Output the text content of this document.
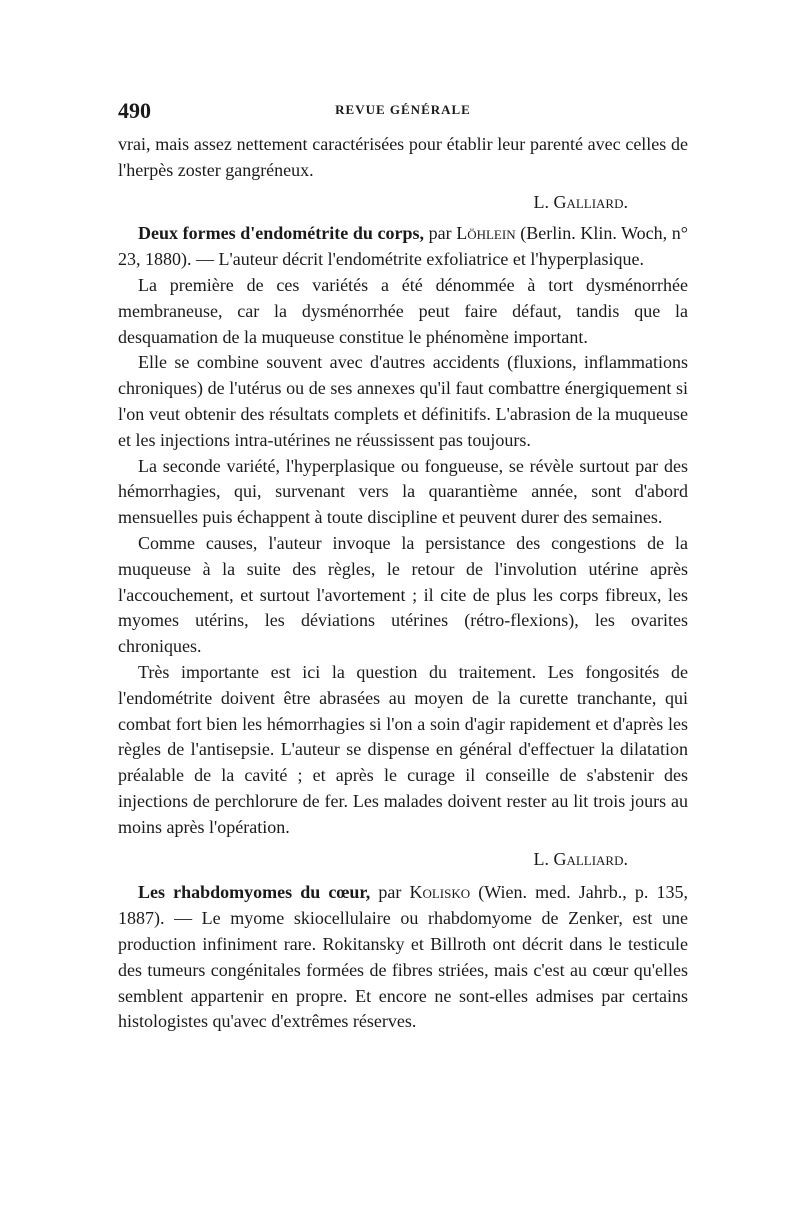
490	REVUE GÉNÉRALE

vrai, mais assez nettement caractérisées pour établir leur parenté avec celles de l'herpès zoster gangréneux.

L. Galliard.

Deux formes d'endométrite du corps, par Löhlein (Berlin. Klin. Woch, n° 23, 1880). — L'auteur décrit l'endométrite exfoliatrice et l'hyperplasique.

La première de ces variétés a été dénommée à tort dysménorrhée membraneuse, car la dysménorrhée peut faire défaut, tandis que la desquamation de la muqueuse constitue le phénomène important.

Elle se combine souvent avec d'autres accidents (fluxions, inflammations chroniques) de l'utérus ou de ses annexes qu'il faut combattre énergiquement si l'on veut obtenir des résultats complets et définitifs. L'abrasion de la muqueuse et les injections intra-utérines ne réussissent pas toujours.

La seconde variété, l'hyperplasique ou fongueuse, se révèle surtout par des hémorrhagies, qui, survenant vers la quarantième année, sont d'abord mensuelles puis échappent à toute discipline et peuvent durer des semaines.

Comme causes, l'auteur invoque la persistance des congestions de la muqueuse à la suite des règles, le retour de l'involution utérine après l'accouchement, et surtout l'avortement ; il cite de plus les corps fibreux, les myomes utérins, les déviations utérines (rétro-flexions), les ovarites chroniques.

Très importante est ici la question du traitement. Les fongosités de l'endométrite doivent être abrasées au moyen de la curette tranchante, qui combat fort bien les hémorrhagies si l'on a soin d'agir rapidement et d'après les règles de l'antisepsie. L'auteur se dispense en général d'effectuer la dilatation préalable de la cavité ; et après le curage il conseille de s'abstenir des injections de perchlorure de fer. Les malades doivent rester au lit trois jours au moins après l'opération.

L. Galliard.

Les rhabdomyomes du cœur, par Kolisko (Wien. med. Jahrb., p. 135, 1887). — Le myome skiocellulaire ou rhabdomyome de Zenker, est une production infiniment rare. Rokitansky et Billroth ont décrit dans le testicule des tumeurs congénitales formées de fibres striées, mais c'est au cœur qu'elles semblent appartenir en propre. Et encore ne sont-elles admises par certains histologistes qu'avec d'extrêmes réserves.
